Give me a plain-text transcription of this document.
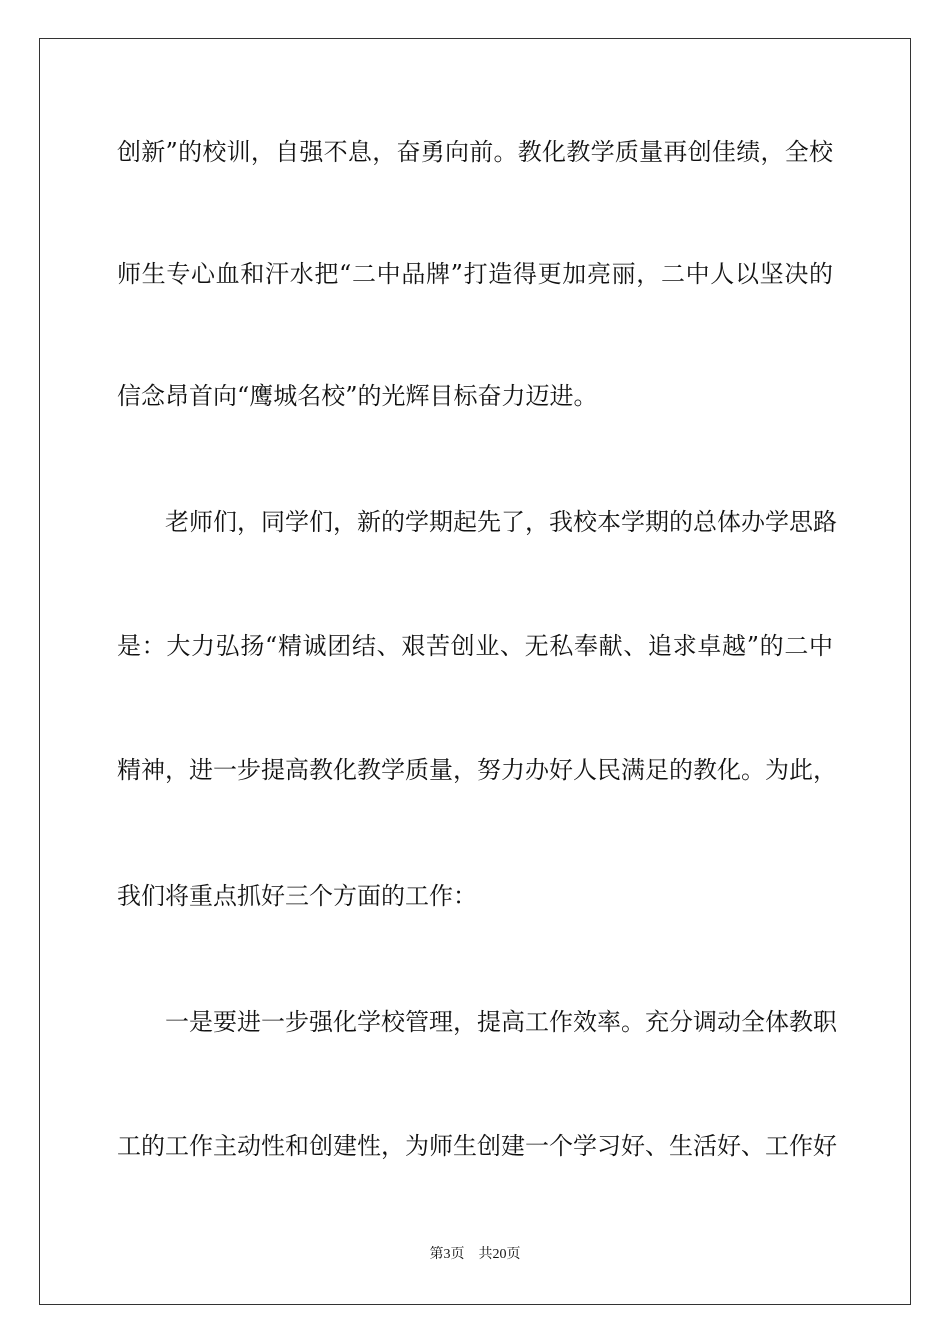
创新”的校训，自强不息，奋勇向前。教化教学质量再创佳绩，全校
师生专心血和汗水把“二中品牌”打造得更加亮丽，二中人以坚决的
信念昂首向“鹰城名校”的光辉目标奋力迈进。
老师们，同学们，新的学期起先了，我校本学期的总体办学思路
是：大力弘扬“精诚团结、艰苦创业、无私奉献、追求卓越”的二中
精神，进一步提高教化教学质量，努力办好人民满足的教化。为此，
我们将重点抓好三个方面的工作：
一是要进一步强化学校管理，提高工作效率。充分调动全体教职
工的工作主动性和创建性，为师生创建一个学习好、生活好、工作好
第3页 共20页
